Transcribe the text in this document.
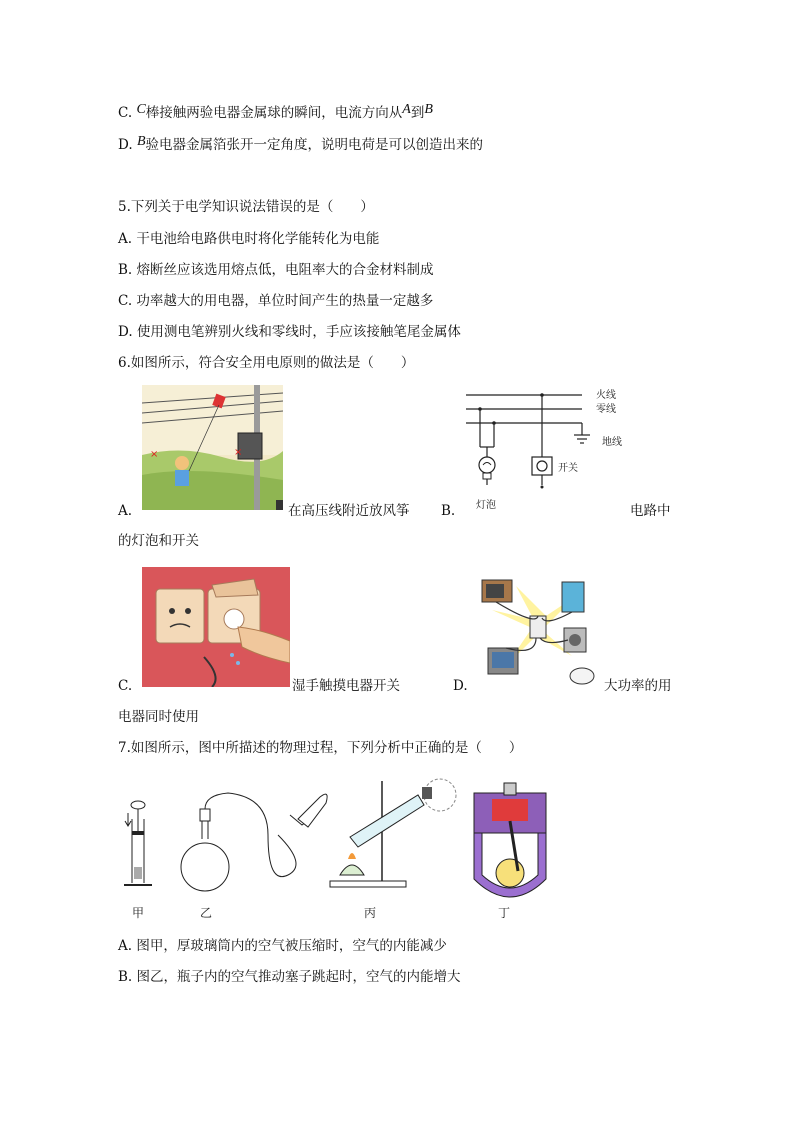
C. C棒接触两验电器金属球的瞬间，电流方向从A到B
D. B验电器金属箔张开一定角度，说明电荷是可以创造出来的
5.下列关于电学知识说法错误的是（　　）
A. 干电池给电路供电时将化学能转化为电能
B. 熔断丝应该选用熔点低，电阻率大的合金材料制成
C. 功率越大的用电器，单位时间产生的热量一定越多
D. 使用测电笔辨别火线和零线时，手应该接触笔尾金属体
6.如图所示，符合安全用电原则的做法是（　　）
×	×
A.	在高压线附近放风筝
火线
零线
地线
开关
灯泡
B.	电路中
的灯泡和开关
C.	湿手触摸电器开关	D.	大功率的用
电器同时使用
7.如图所示，图中所描述的物理过程，下列分析中正确的是（　　）
甲	乙	丙	丁
A. 图甲，厚玻璃筒内的空气被压缩时，空气的内能减少
B. 图乙，瓶子内的空气推动塞子跳起时，空气的内能增大
